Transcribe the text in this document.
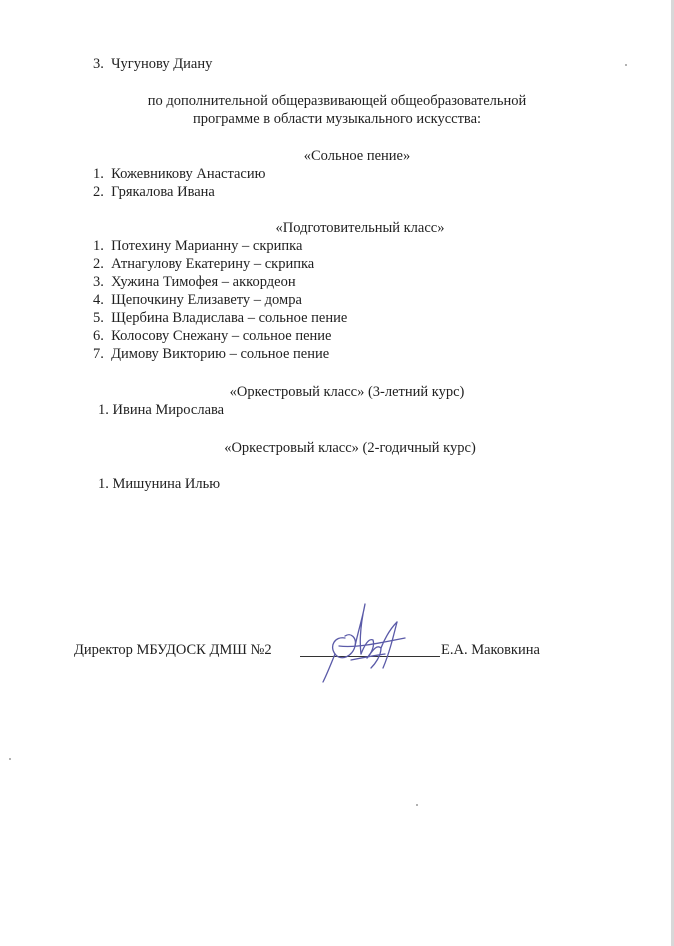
3. Чугунову Диану
по дополнительной общеразвивающей общеобразовательной
программе в области музыкального искусства:
«Сольное пение»
1. Кожевникову Анастасию
2. Грякалова Ивана
«Подготовительный класс»
1. Потехину Марианну – скрипка
2. Атнагулову Екатерину – скрипка
3. Хужина Тимофея – аккордеон
4. Щепочкину Елизавету – домра
5. Щербина Владислава – сольное пение
6. Колосову Снежану – сольное пение
7. Димову Викторию – сольное пение
«Оркестровый класс» (3-летний курс)
1. Ивина Мирослава
«Оркестровый класс» (2-годичный курс)
1. Мишунина Илью
Директор МБУДОСК ДМШ №2	Е.А. Маковкина
